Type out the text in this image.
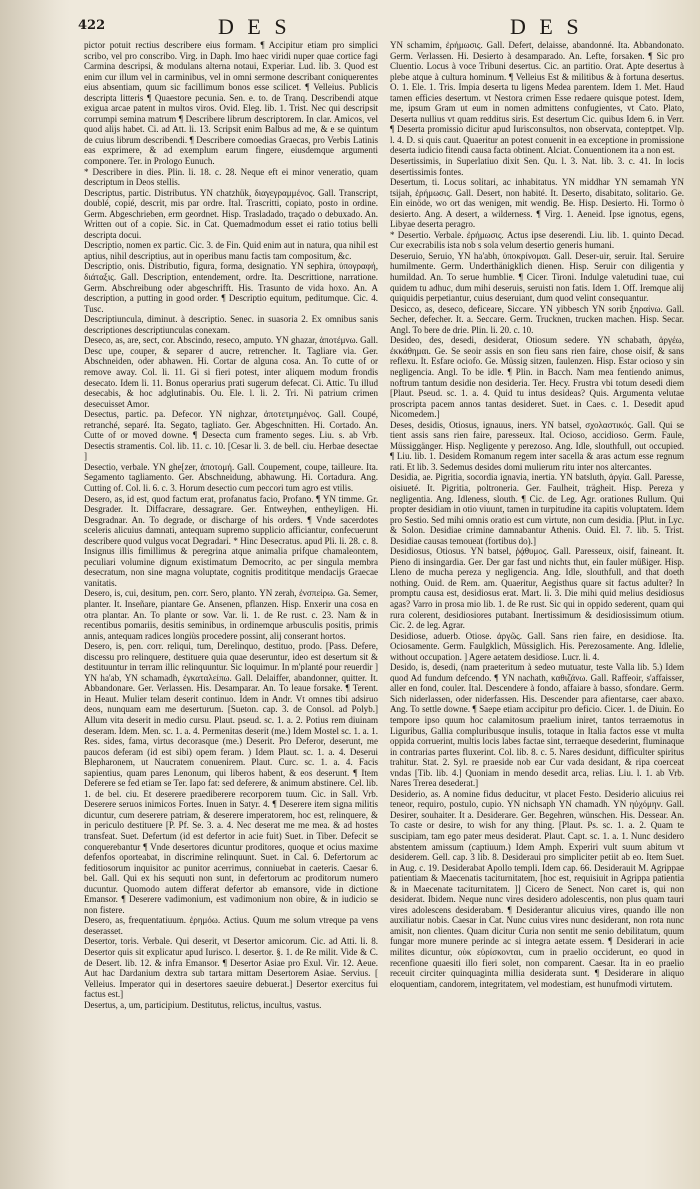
422	D E S	D E S

pictor potuit rectius describere eius formam. ¶ Accipitur etiam pro simplici scribo, vel pro conscribo. Virg. in Daph. Imo haec viridi nuper quae cortice fagi Carmina descripsi, & modulans alterna notaui, Experiar. Lud. lib. 3. Quod est enim cur illum vel in carminibus, vel in omni sermone describant coniquerentes eius absentiam, quum sic facillimum bonos esse scilicet. ¶ Velleius. Publicis descripta litteris ¶ Quaestore pecunia. Sen. e. to. de Tranq. Describendi atque exigua arcae patent in multos viros. Ovid. Eleg. lib. 1. Trist. Nec qui descripsit corrumpi semina matrum ¶ Describere librum descriptorem. In clar. Amicos, vel quod alijs habet. Ci. ad Att. li. 13. Scripsit enim Balbus ad me, & e se quintum de cuius librum describendi. ¶ Describere comoedias Graecas, pro Verbis Latinis eas exprimere, & ad exemplum earum fingere, eiusdemque argumenti componere. Ter. in Prologo Eunuch.

* Describere in dies. Plin. li. 18. c. 28. Neque eft ei minor veneratio, quam descriptum in Deos stellis.

Descriptus, partic. Distributus. ΥΝ chatzhük, διαγεγραμμένος. Gall. Transcript, doublé, copié, descrit, mis par ordre. Ital. Trascritti, copiato, posto in ordine. Germ. Abgeschrieben, erm geordnet. Hisp. Trasladado, traçado o debuxado. An. Written out of a copie. Sic. in Cat. Quemadmodum esset ei ratio totius belli descripta docui.

Descriptio, nomen ex partic. Cic. 3. de Fin. Quid enim aut in natura, qua nihil est aptius, nihil descriptius, aut in operibus manu factis tam compositum, &c.

Descriptio, onis. Distributio, figura, forma, designatio. ΥΝ sephira, ὑπογραφή, διάταξις. Gall. Description, entendement, ordre. Ita. Descrittione, narratione. Germ. Abschreibung oder abgeschrifft. His. Trasunto de vida hoxo. An. A description, a putting in good order. ¶ Descriptio equitum, peditumque. Cic. 4. Tusc.

Descriptiuncula, diminut. à descriptio. Senec. in suasoria 2. Ex omnibus sanis descriptiones descriptiunculas conexam.

Deseco, as, are, sect, cor. Abscindo, reseco, amputo. ΥΝ ghazar, ἀποτέμνω. Gall. Desc upe, couper, & separer d aucre, retrencher. It. Tagliare via. Ger. Abschneiden, oder abhawen. Hi. Cortar de alguna cosa. An. To cutte of or remove away. Col. li. 11. Gi si fieri potest, inter aliquem modum frondis desecato. Idem li. 11. Bonus operarius prati sugerum defecat. Ci. Attic. Tu illud desecabis, & hoc adglutinabis. Ou. Ele. l. li. 2. Tri. Ni patrium crimen desecuisset Amor.

Desectus, partic. pa. Defecor. ΥΝ nighzar, ἀποτετμημένος. Gall. Coupé, retranché, separé. Ita. Segato, tagliato. Ger. Abgeschnitten. Hi. Cortado. An. Cutte of or moved downe. ¶ Desecta cum framento seges. Liu. s. ab Vrb. Desectis stramentis. Col. lib. 11. c. 10. [Cesar li. 3. de bell. ciu. Herbae desectae ]

Desectio, verbale. ΥΝ ghe[zer, ἀποτομή. Gall. Coupement, coupe, tailleure. Ita. Segamento tagliamento. Ger. Abschneidung, abhawung. Hi. Cortadura. Ang. Cutting of. Col. li. 6. c. 3. Horum desectio cum peccori tum agro est vtilis.

Desero, as, id est, quod factum erat, profanatus facio, Profano. ¶ ΥΝ timme. Gr. Desgrader. It. Diffacrare, dessagrare. Ger. Entweyhen, entheyligen. Hi. Desgradnar. An. To degrade, or discharge of his orders. ¶ Vnde sacerdotes sceleris alicuius damnati, antequam supremo supplicio afficiantur, confecuerunt describere quod vulgus vocat Degradari. * Hinc Desecratus. apud Pli. li. 28. c. 8. Insignus illis fimillimus & peregrina atque animalia prifque chamaleontem, peculiari volumine dignum existimatum Democrito, ac per singula membra desecratum, non sine magna voluptate, cognitis prodititque mendacijs Graecae vanitatis.

Desero, is, cui, desitum, pen. corr. Sero, planto. ΥΝ zerah, ἐνσπείρω. Ga. Semer, planter. It. Inseñare, piantare Ge. Ansenen, pflanzen. Hisp. Enxerir una cosa en otra plantar. An. To plante or sow. Var. li. 1. de Re rust. c. 23. Nam & in recentibus pomariis, desitis seminibus, in ordinemque arbusculis positis, primis annis, antequam radices longiùs procedere possint, alij conserant hortos.

Desero, is, pen. corr. reliqui, tum, Derelinquo, destituo, prodo. [Pass. Defere, discessu pro relinquere, destituere quia quae deseruntur, ideo est desertum sit & destituuntur in terram illic relinquuntur. Sic loquimur. In m'planté pour reuerdir ] ΥΝ ha'ab, ΥΝ schamadh, ἐγκαταλείπω. Gall. Delaiffer, abandonner, quitter. It. Abbandonare. Ger. Verlassen. His. Desamparar. An. To leaue forsake. ¶ Terent. in Heaut. Mulier telam deserit continuo. Idem in Andr. Vt omnes tibi adsiruo deos, nunquam eam me deserturum. [Sueton. cap. 3. de Consol. ad Polyb.] Allum vita deserit in medio cursu. Plaut. pseud. sc. 1. a. 2. Potius rem diuinam deseram. Idem. Men. sc. 1. a. 4. Permenitas deserit (me.) Idem Mostel sc. 1. a. 1. Res. sides, fama, virtus decorasque (me.) Deserit. Pro Deferor, deserunt, me paucos deferam (id est sibi) opem feram. ) Idem Plaut. sc. 1. a. 4. Deserui Blepharonem, ut Naucratem conuenirem. Plaut. Curc. sc. 1. a. 4. Facis sapientius, quam pares Lenonum, qui liberos habent, & eos deserunt. ¶ Item Deferere se fed etiam se Ter. Iapo fat: sed deferere, & animum abstinere. Cel. lib. 1. de bel. ciu. Et deserere praediberere recorporem tuum. Cic. in Sall. Vrb. Deserere seruos inimicos Fortes. Inuen in Satyr. 4. ¶ Deserere item signa militis dicuntur, cum deserere patriam, & deserere imperatorem, hoc est, relinquere, & in periculo destituere [P. Pf. Se. 3. a. 4. Nec deserat me me mea. & ad hostes transfeat. Suet. Defertum (id est defertor in acie fuit) Suet. in Tiber. Defecit se conquerebantur ¶ Vnde desertores dicuntur proditores, quoque et ocius maxime defenfos oporteabat, in discrimine relinquunt. Suet. in Cal. 6. Defertorum ac feditiosorum inquisitor ac punitor acerrimus, conniuebat in caeteris. Caesar 6. bel. Gall. Qui ex his sequuti non sunt, in defertorum ac proditorum numero ducuntur. Quomodo autem differat defertor ab emansore, vide in dictione Emansor. ¶ Deserere vadimonium, est vadimonium non obire, & in iudicio se non fistere.

Desero, as, frequentatiuum. ἐρημόω. Actius. Quum me solum vtreque pa vens deserasset.

Desertor, toris. Verbale. Qui deserit, vt Desertor amicorum. Cic. ad Atti. li. 8. Desertor quis sit explicatur apud Iurisco. l. desertor. §. 1. de Re milit. Vide & C. de Desert. lib. 12. & infra Emansor. ¶ Desertor Asiae pro Exul. Vir. 12. Aeue. Aut hac Dardanium dextra sub tartara mittam Desertorem Asiae. Servius. [ Velleius. Imperator qui in desertores saeuire debuerat.] Desertor exercitus fui factus est.]

Desertus, a, um, participium. Destitutus, relictus, incultus, vastus.

ΥΝ schamim, ἐρήμωσις. Gall. Defert, delaisse, abandonné. Ita. Abbandonato. Germ. Verlassen. Hi. Desierto à desamparado. An. Lefte, forsaken. ¶ Sic pro Cluentio. Locus à voce Tribuni desertus. Cic. an partitio. Orat. Apte desertus à plebe atque à cultura hominum. ¶ Velleius Est & militibus & à fortuna desertus. O. 1. Ele. 1. Tris. Impia deserta tu ligens Medea parentem. Idem 1. Met. Haud tamen efficies desertum. vt Nestora crimen Esse redaere quisque potest. Idem, me, ipsum Gram ut eum in nomen admittens confugientes, vt Cato. Plato, Deserta nullius vt quam redditus siris. Est desertum Cic. quibus Idem 6. in Verr. ¶ Deserta promissio dicitur apud Iurisconsultos, non observata, conteptpet. Vlp. l. 4. D. si quis caut. Quaeritur an potest conuenit in ea exceptione in promissione deserta iudicio fitendi causa facta obtinent. Alciat. Conuentionem ita a non est.

Desertissimis, in Superlatiuo dixit Sen. Qu. l. 3. Nat. lib. 3. c. 41. In locis desertissimis fontes.

Desertum, ti. Locus solitari, ac inhabitatus. ΥΝ middhar ΥΝ semamah ΥΝ tsijah, ἐρήμωσις. Gall. Desert, non habité. It. Deserto, disabitato, solitario. Ge. Ein einöde, wo ort das wenigen, mit wendig. Be. Hisp. Desierto. Hi. Tormo ò desierto. Ang. A desert, a wilderness. ¶ Virg. 1. Aeneid. Ipse ignotus, egens, Libyae deserta peragro.

* Desertio. Verbale. ἐρήμωσις. Actus ipse deserendi. Liu. lib. 1. quinto Decad. Cur execrabilis ista nob s sola velum desertio generis humani.

Deseruio, Seruio, ΥΝ ha'abh, ὑποκρίνομαι. Gall. Deser-uir, seruir. Ital. Seruire humilmente. Germ. Underthänigklich dienen. Hisp. Seruir con diligentia y humildad. An. To serue humblie. ¶ Cicer. Tironi. Indulge valetudini tuae, cui quidem tu adhuc, dum mihi deseruis, seruisti non fatis. Idem 1. Off. Iremque alij quiquidis perpetiantur, cuius deseruiant, dum quod velint consequantur.

Desicco, as, deseco, deficeare, Siccare. ΥΝ yibbesch ΥΝ sorib ξηραίνω. Gall. Secher, defecher. It. a. Seccare. Germ. Trucknen, trucken machen. Hisp. Secar. Angl. To bere de drie. Plin. li. 20. c. 10.

Desideo, des, desedi, desiderat, Otiosum sedere. ΥΝ schabath, ἀργέω, ἐκκάθημαι. Ge. Se seoir assis en son fieu sans rien faire, chose oisif, & sans reflexu. It. Esfare ociofo. Ge. Müssig sitzen, faulenzen. Hisp. Estar ocioso y sin negligencia. Angl. To be idle. ¶ Plin. in Bacch. Nam mea fentiendo animus, noftrum tantum desidie non desideria. Ter. Hecy. Frustra vbi totum desedi diem [Plaut. Pseud. sc. 1. a. 4. Quid tu intus desideas? Quis. Argumenta velutae proscripta pacem annos tantas desideret. Suet. in Caes. c. 1. Desedit apud Nicomedem.]

Deses, desidis, Otiosus, ignauus, iners. ΥΝ batsel, σχολαστικός. Gall. Qui se tient assis sans rien faire, paresseux. Ital. Ocioso, accidioso. Germ. Faule, Müssiggänger. Hisp. Negligente y perezoso. Ang. Idle, slouthfull, out occupied. ¶ Liu. lib. 1. Desidem Romanum regem inter sacella & aras actum esse regnum rati. Et lib. 3. Sedemus desides domi mulierum ritu inter nos altercantes.

Desidia, ae. Pigritia, socordia ignavia, inertia. ΥΝ batsluth, ἀργία. Gall. Paresse, oisiueté. It. Pigritia, poltroneria. Ger. Faulheit, trägheit. Hisp. Pereza y negligentia. Ang. Idleness, slouth. ¶ Cic. de Leg. Agr. orationes Rullum. Qui propter desidiam in otio viuunt, tamen in turpitudine ita capitis voluptatem. Idem pro Sestio. Sed mihi omnis oratio est cum virtute, non cum desidia. [Plut. in Lyc. & Solon. Desidiae crimine damnabantur Athenis. Ouid. El. 7. lib. 5. Trist. Desidiae causas temoueat (fortibus do).]

Desidiosus, Otiosus. ΥΝ batsel, ῥᾴθυμος. Gall. Paresseux, oisif, faineant. It. Pieno di insingardia. Ger. Der gar fast und nichts thut, ein fauler müßiger. Hisp. Lleno de mucha pereza y negligencia. Ang. Idle, slouthfull, and that doeth nothing. Ouid. de Rem. am. Quaeritur, Aegisthus quare sit factus adulter? In promptu causa est, desidiosus erat. Mart. li. 3. Die mihi quid melius desidiosus agas? Varro in prosa mio lib. 1. de Re rust. Sic qui in oppido sederent, quam qui rura colerent, desidiosiores putabant. Inertissimum & desidiosissimum otium. Cic. 2. de leg. Agrar.

Desidiose, aduerb. Otiose. ἀργῶς. Gall. Sans rien faire, en desidiose. Ita. Ociosamente. Germ. Faulgklich, Müssiglich. His. Perezosamente. Ang. Idlelie, without occupation. ] Agere aetatem desidiose. Lucr. li. 4.

Desido, is, desedi, (nam praeteritum à sedeo mutuatur, teste Valla lib. 5.) Idem quod Ad fundum defcendo. ¶ ΥΝ nachath, καθιζάνω. Gall. Raffeoir, s'affaisser, aller en fond, couler. Ital. Descendere à fondo, affaiare à basso, sfondare. Germ. Sich niderlassen, oder niderfassen. His. Descender para afientarse, caer abaxo. Ang. To settle downe. ¶ Saepe etiam accipitur pro deficio. Cicer. 1. de Diuin. Eo tempore ipso quum hoc calamitosum praelium iniret, tantos terraemotus in Liguribus, Gallia compluribusque insulis, totaque in Italia factos esse vt multa oppida corruerint, multis locis labes factae sint, terraeque desederint, fluminaque in contrarias partes fluxerint. Col. lib. 8. c. 5. Nares desidunt, difficulter spiritus trahitur. Stat. 2. Syl. re praeside nob ear Cur vada desidant, & ripa coerceat vndas [Tib. lib. 4.] Quoniam in mendo desedit arca, relias. Liu. l. 1. ab Vrb. Nares Trerea desederat.]

Desiderio, as. A nomine fidus deducitur, vt placet Festo. Desiderio alicuius rei teneor, requiro, postulo, cupio. ΥΝ nichsaph ΥΝ chamadh. ΥΝ ηὐχόμην. Gall. Desirer, souhaiter. It a. Desiderare. Ger. Begehren, wünschen. His. Dessear. An. To caste or desire, to wish for any thing. [Plaut. Ps. sc. 1. a. 2. Quam te suscipiam, tam ego pater meus desiderat. Plaut. Capt. sc. 1. a. 1. Nunc desidero abstentem amissum (captiuum.) Idem Amph. Experiri vult suum abitum vt desiderem. Gell. cap. 3 lib. 8. Desideraui pro simpliciter petiit ab eo. Item Suet. in Aug. c. 19. Desiderabat Apollo templi. Idem cap. 66. Desiderauit M. Agrippae patientiam & Maecenatis taciturnitatem, [hoc est, requisiuit in Agrippa patientia & in Maecenate taciturnitatem. ]] Cicero de Senect. Non caret is, qui non desiderat. Ibidem. Neque nunc vires desidero adolescentis, non plus quam tauri vires adolescens desiderabam. ¶ Desiderantur alicuius vires, quando ille non auxiliatur nobis. Caesar in Cat. Nunc cuius vires nunc desiderant, non rota nunc amisit, non clientes. Quam dicitur Curia non sentit me senio debilitatum, quum fungar more munere perinde ac si integra aetate essem. ¶ Desiderari in acie milites dicuntur, οὐκ εὑρίσκονται, cum in praelio occiderunt, eo quod in recenfione quaesiti illo fieri solet, non comparent. Caesar. Ita in eo praelio receuit circiter quinquaginta millia desiderata sunt. ¶ Desiderare in aliquo eloquentiam, candorem, integritatem, vel modestiam, est hunufmodi virtutem.
